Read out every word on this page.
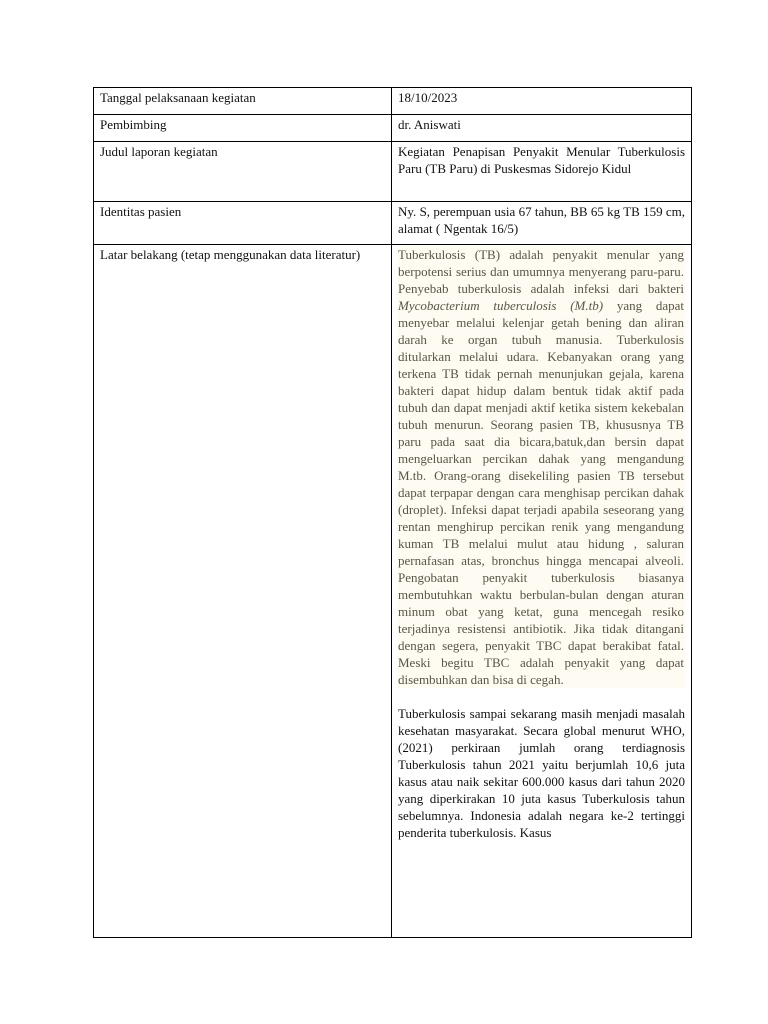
Tanggal pelaksanaan kegiatan	18/10/2023
Pembimbing	dr. Aniswati
Judul laporan kegiatan	Kegiatan Penapisan Penyakit Menular Tuberkulosis Paru (TB Paru) di Puskesmas Sidorejo Kidul
Identitas pasien	Ny. S, perempuan usia 67 tahun, BB 65 kg TB 159 cm, alamat ( Ngentak 16/5)
Latar belakang (tetap menggunakan data literatur)	Tuberkulosis (TB) adalah penyakit menular yang berpotensi serius dan umumnya menyerang paru-paru. Penyebab tuberkulosis adalah infeksi dari bakteri Mycobacterium tuberculosis (M.tb) yang dapat menyebar melalui kelenjar getah bening dan aliran darah ke organ tubuh manusia. Tuberkulosis ditularkan melalui udara. Kebanyakan orang yang terkena TB tidak pernah menunjukan gejala, karena bakteri dapat hidup dalam bentuk tidak aktif pada tubuh dan dapat menjadi aktif ketika sistem kekebalan tubuh menurun. Seorang pasien TB, khususnya TB paru pada saat dia bicara,batuk,dan bersin dapat mengeluarkan percikan dahak yang mengandung M.tb. Orang-orang disekeliling pasien TB tersebut dapat terpapar dengan cara menghisap percikan dahak (droplet). Infeksi dapat terjadi apabila seseorang yang rentan menghirup percikan renik yang mengandung kuman TB melalui mulut atau hidung , saluran pernafasan atas, bronchus hingga mencapai alveoli. Pengobatan penyakit tuberkulosis biasanya membutuhkan waktu berbulan-bulan dengan aturan minum obat yang ketat, guna mencegah resiko terjadinya resistensi antibiotik. Jika tidak ditangani dengan segera, penyakit TBC dapat berakibat fatal. Meski begitu TBC adalah penyakit yang dapat disembuhkan dan bisa di cegah.
Tuberkulosis sampai sekarang masih menjadi masalah kesehatan masyarakat. Secara global menurut WHO,(2021) perkiraan jumlah orang terdiagnosis Tuberkulosis tahun 2021 yaitu berjumlah 10,6 juta kasus atau naik sekitar 600.000 kasus dari tahun 2020 yang diperkirakan 10 juta kasus Tuberkulosis tahun sebelumnya. Indonesia adalah negara ke-2 tertinggi penderita tuberkulosis. Kasus
